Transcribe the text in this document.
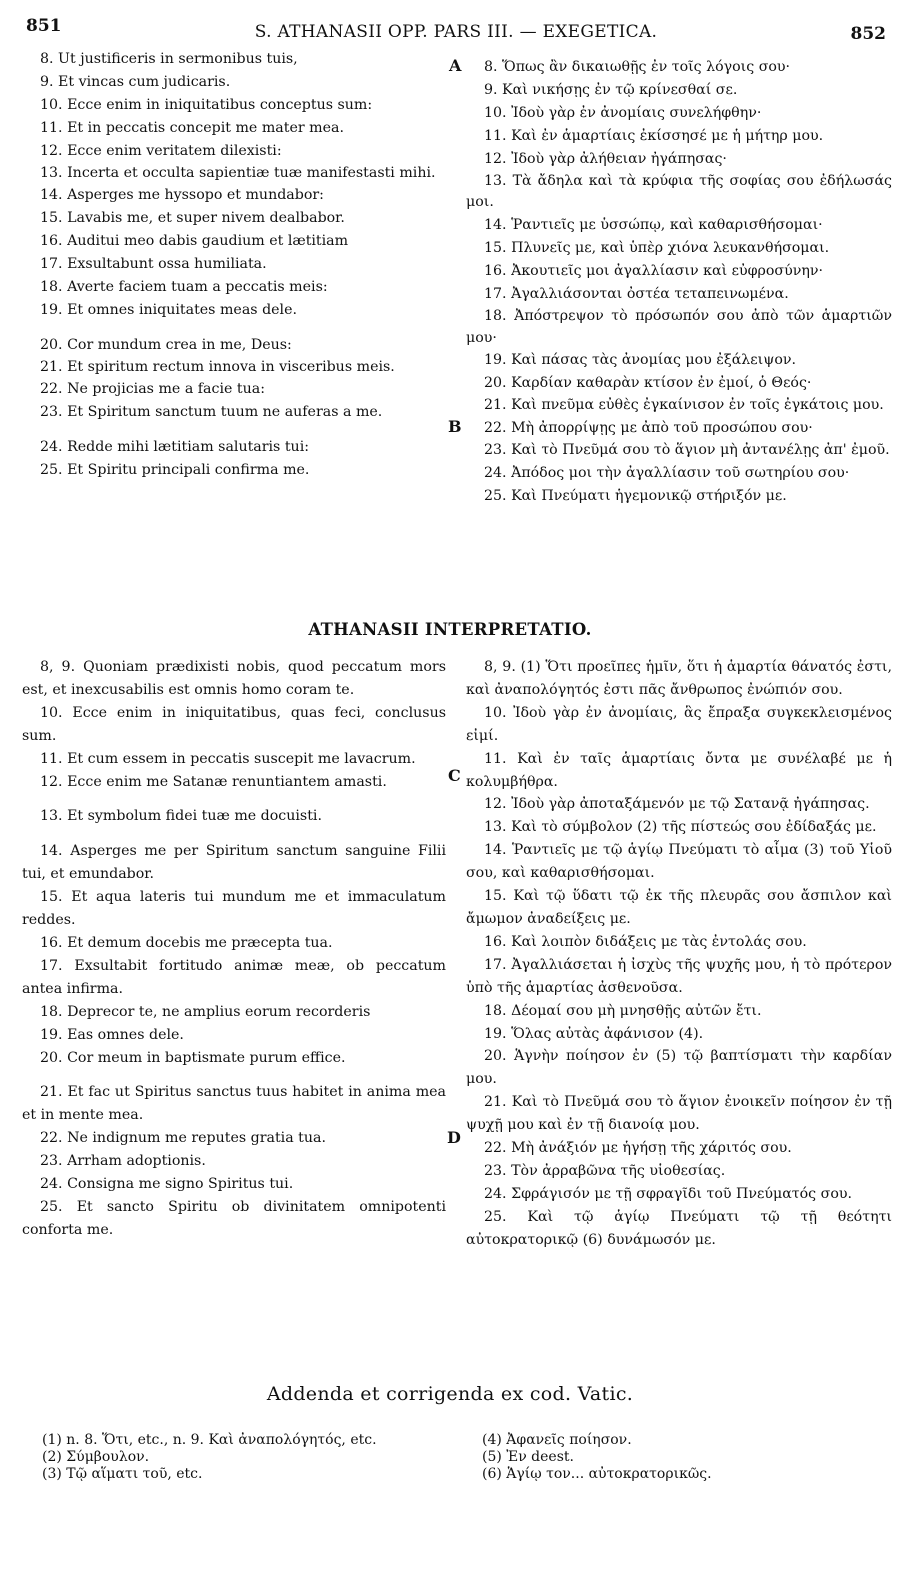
851	S. ATHANASII OPP. PARS III. — EXEGETICA.	852

8. Ut justificeris in sermonibus tuis,

9. Et vincas cum judicaris.

10. Ecce enim in iniquitatibus conceptus sum:

11. Et in peccatis concepit me mater mea.

12. Ecce enim veritatem dilexisti:

13. Incerta et occulta sapientiæ tuæ manifestasti mihi.

14. Asperges me hyssopo et mundabor:

15. Lavabis me, et super nivem dealbabor.

16. Auditui meo dabis gaudium et lætitiam

17. Exsultabunt ossa humiliata.

18. Averte faciem tuam a peccatis meis:

19. Et omnes iniquitates meas dele.

20. Cor mundum crea in me, Deus:

21. Et spiritum rectum innova in visceribus meis.

22. Ne projicias me a facie tua:

23. Et Spiritum sanctum tuum ne auferas a me.

24. Redde mihi lætitiam salutaris tui:

25. Et Spiritu principali confirma me.

8. Ὅπως ἂν δικαιωθῇς ἐν τοῖς λόγοις σου·

9. Καὶ νικήσῃς ἐν τῷ κρίνεσθαί σε.

10. Ἰδοὺ γὰρ ἐν ἀνομίαις συνελήφθην·

11. Καὶ ἐν ἁμαρτίαις ἐκίσσησέ με ἡ μήτηρ μου.

12. Ἰδοὺ γὰρ ἀλήθειαν ἠγάπησας·

13. Τὰ ἄδηλα καὶ τὰ κρύφια τῆς σοφίας σου ἐδήλωσάς μοι.

14. Ῥαντιεῖς με ὑσσώπῳ, καὶ καθαρισθήσομαι·

15. Πλυνεῖς με, καὶ ὑπὲρ χιόνα λευκανθήσομαι.

16. Ἀκουτιεῖς μοι ἀγαλλίασιν καὶ εὐφροσύνην·

17. Ἀγαλλιάσονται ὀστέα τεταπεινωμένα.

18. Ἀπόστρεψον τὸ πρόσωπόν σου ἀπὸ τῶν ἁμαρτιῶν μου·

19. Καὶ πάσας τὰς ἀνομίας μου ἐξάλειψον.

20. Καρδίαν καθαρὰν κτίσον ἐν ἐμοί, ὁ Θεός·

21. Καὶ πνεῦμα εὐθὲς ἐγκαίνισον ἐν τοῖς ἐγκάτοις μου.

22. Μὴ ἀπορρίψῃς με ἀπὸ τοῦ προσώπου σου·

23. Καὶ τὸ Πνεῦμά σου τὸ ἅγιον μὴ ἀντανέλῃς ἀπ' ἐμοῦ.

24. Ἀπόδος μοι τὴν ἀγαλλίασιν τοῦ σωτηρίου σου·

25. Καὶ Πνεύματι ἡγεμονικῷ στήριξόν με.

A
B
C
D
ATHANASII INTERPRETATIO.

8, 9. Quoniam prædixisti nobis, quod peccatum mors est, et inexcusabilis est omnis homo coram te.

10. Ecce enim in iniquitatibus, quas feci, conclusus sum.

11. Et cum essem in peccatis suscepit me lavacrum.

12. Ecce enim me Satanæ renuntiantem amasti.

13. Et symbolum fidei tuæ me docuisti.

14. Asperges me per Spiritum sanctum sanguine Filii tui, et emundabor.

15. Et aqua lateris tui mundum me et immaculatum reddes.

16. Et demum docebis me præcepta tua.

17. Exsultabit fortitudo animæ meæ, ob peccatum antea infirma.

18. Deprecor te, ne amplius eorum recorderis

19. Eas omnes dele.

20. Cor meum in baptismate purum effice.

21. Et fac ut Spiritus sanctus tuus habitet in anima mea et in mente mea.

22. Ne indignum me reputes gratia tua.

23. Arrham adoptionis.

24. Consigna me signo Spiritus tui.

25. Et sancto Spiritu ob divinitatem omnipotenti conforta me.

8, 9. (1) Ὅτι προεῖπες ἡμῖν, ὅτι ἡ ἁμαρτία θάνατός ἐστι, καὶ ἀναπολόγητός ἐστι πᾶς ἄνθρωπος ἐνώπιόν σου.

10. Ἰδοὺ γὰρ ἐν ἀνομίαις, ἃς ἔπραξα συγκεκλεισμένος εἰμί.

11. Καὶ ἐν ταῖς ἁμαρτίαις ὄντα με συνέλαβέ με ἡ κολυμβήθρα.

12. Ἰδοὺ γὰρ ἀποταξάμενόν με τῷ Σατανᾷ ἠγάπησας.

13. Καὶ τὸ σύμβολον (2) τῆς πίστεώς σου ἐδίδαξάς με.

14. Ῥαντιεῖς με τῷ ἁγίῳ Πνεύματι τὸ αἷμα (3) τοῦ Υἱοῦ σου, καὶ καθαρισθήσομαι.

15. Καὶ τῷ ὕδατι τῷ ἐκ τῆς πλευρᾶς σου ἄσπιλον καὶ ἄμωμον ἀναδείξεις με.

16. Καὶ λοιπὸν διδάξεις με τὰς ἐντολάς σου.

17. Ἀγαλλιάσεται ἡ ἰσχὺς τῆς ψυχῆς μου, ἡ τὸ πρότερον ὑπὸ τῆς ἁμαρτίας ἀσθενοῦσα.

18. Δέομαί σου μὴ μνησθῇς αὐτῶν ἔτι.

19. Ὅλας αὐτὰς ἀφάνισον (4).

20. Ἁγνὴν ποίησον ἐν (5) τῷ βαπτίσματι τὴν καρδίαν μου.

21. Καὶ τὸ Πνεῦμά σου τὸ ἅγιον ἐνοικεῖν ποίησον ἐν τῇ ψυχῇ μου καὶ ἐν τῇ διανοίᾳ μου.

22. Μὴ ἀνάξιόν με ἡγήσῃ τῆς χάριτός σου.

23. Τὸν ἀρραβῶνα τῆς υἱοθεσίας.

24. Σφράγισόν με τῇ σφραγῖδι τοῦ Πνεύματός σου.

25. Καὶ τῷ ἁγίῳ Πνεύματι τῷ τῇ θεότητι αὐτοκρατορικῷ (6) δυνάμωσόν με.

Addenda et corrigenda ex cod. Vatic.

(1) n. 8. Ὅτι, etc., n. 9. Καὶ ἀναπολόγητός, etc.

(2) Σύμβουλον.

(3) Τῷ αἵματι τοῦ, etc.

(4) Ἀφανεῖς ποίησον.

(5) Ἐν deest.

(6) Ἁγίῳ τον... αὐτοκρατορικῶς.
